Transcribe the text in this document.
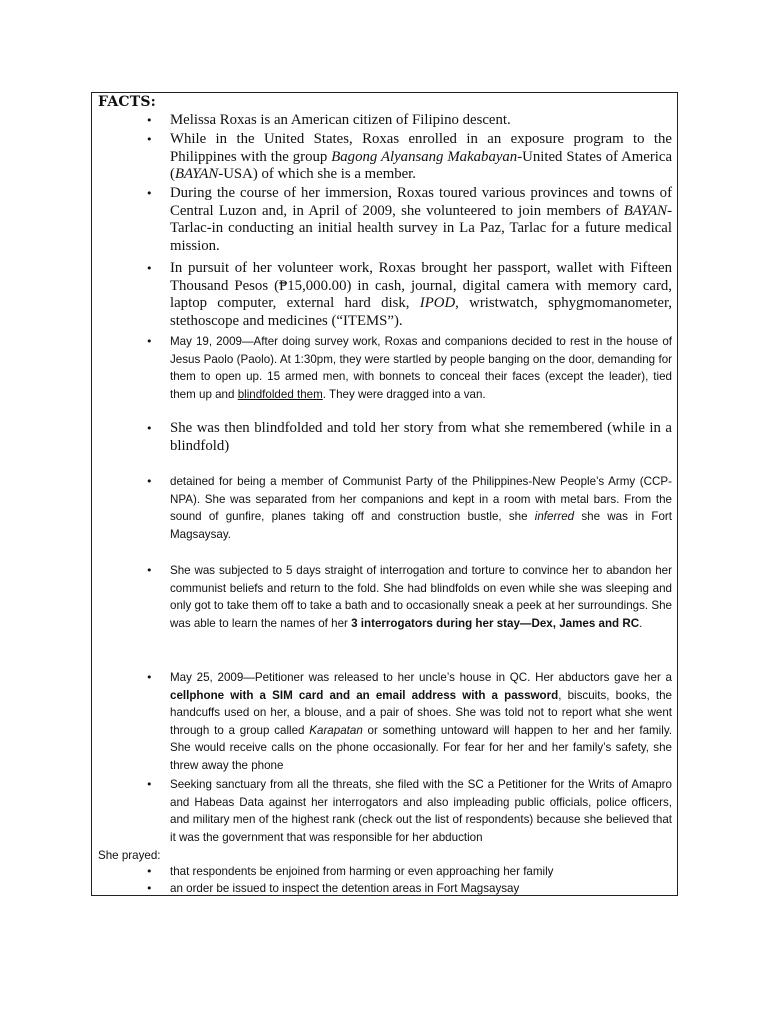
FACTS:
• Melissa Roxas is an American citizen of Filipino descent.
• While in the United States, Roxas enrolled in an exposure program to the Philippines with the group Bagong Alyansang Makabayan-United States of America (BAYAN-USA) of which she is a member.
• During the course of her immersion, Roxas toured various provinces and towns of Central Luzon and, in April of 2009, she volunteered to join members of BAYAN-Tarlac-in conducting an initial health survey in La Paz, Tarlac for a future medical mission.
• In pursuit of her volunteer work, Roxas brought her passport, wallet with Fifteen Thousand Pesos (₱15,000.00) in cash, journal, digital camera with memory card, laptop computer, external hard disk, IPOD, wristwatch, sphygmomanometer, stethoscope and medicines (“ITEMS”).
• May 19, 2009—After doing survey work, Roxas and companions decided to rest in the house of Jesus Paolo (Paolo). At 1:30pm, they were startled by people banging on the door, demanding for them to open up. 15 armed men, with bonnets to conceal their faces (except the leader), tied them up and blindfolded them. They were dragged into a van.
• She was then blindfolded and told her story from what she remembered (while in a blindfold)
• detained for being a member of Communist Party of the Philippines-New People’s Army (CCP-NPA). She was separated from her companions and kept in a room with metal bars. From the sound of gunfire, planes taking off and construction bustle, she inferred she was in Fort Magsaysay.
• She was subjected to 5 days straight of interrogation and torture to convince her to abandon her communist beliefs and return to the fold. She had blindfolds on even while she was sleeping and only got to take them off to take a bath and to occasionally sneak a peek at her surroundings. She was able to learn the names of her 3 interrogators during her stay—Dex, James and RC.
• May 25, 2009—Petitioner was released to her uncle’s house in QC. Her abductors gave her a cellphone with a SIM card and an email address with a password, biscuits, books, the handcuffs used on her, a blouse, and a pair of shoes. She was told not to report what she went through to a group called Karapatan or something untoward will happen to her and her family. She would receive calls on the phone occasionally. For fear for her and her family’s safety, she threw away the phone
• Seeking sanctuary from all the threats, she filed with the SC a Petitioner for the Writs of Amapro and Habeas Data against her interrogators and also impleading public officials, police officers, and military men of the highest rank (check out the list of respondents) because she believed that it was the government that was responsible for her abduction
She prayed:
• that respondents be enjoined from harming or even approaching her family
• an order be issued to inspect the detention areas in Fort Magsaysay
